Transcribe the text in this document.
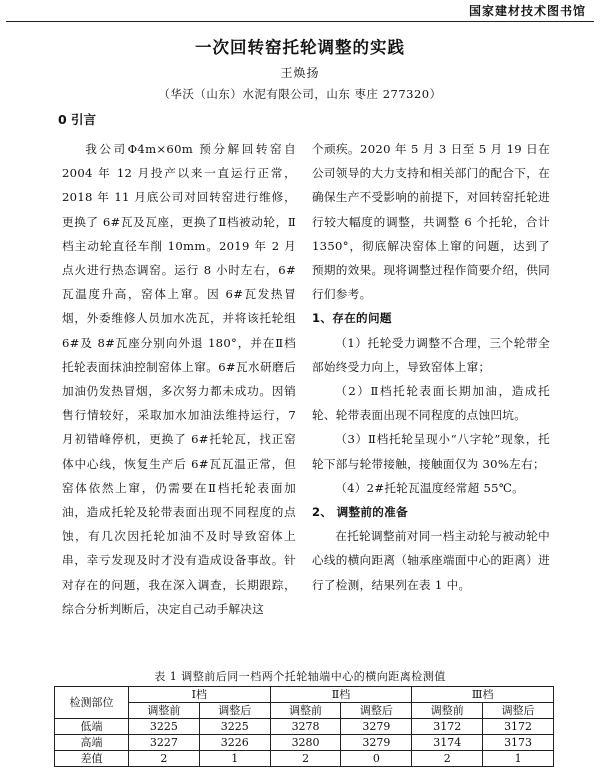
国家建材技术图书馆
一次回转窑托轮调整的实践
王焕扬
（华沃（山东）水泥有限公司，山东 枣庄 277320）
0 引言

我公司Φ4m×60m 预分解回转窑自2004 年 12 月投产以来一直运行正常，2018 年 11 月底公司对回转窑进行维修，更换了 6#瓦及瓦座，更换了Ⅱ档被动轮，Ⅱ档主动轮直径车削 10mm。2019 年 2 月点火进行热态调窑。运行 8 小时左右，6#瓦温度升高，窑体上窜。因 6#瓦发热冒烟，外委维修人员加水冼瓦，并将该托轮组 6#及 8#瓦座分别向外退 180°，并在Ⅱ档托轮表面抹油控制窑体上窜。6#瓦水研磨后加油仍发热冒烟，多次努力都未成功。因销售行情较好，采取加水加油法维持运行，7 月初错峰停机，更换了 6#托轮瓦，找正窑体中心线，恢复生产后 6#瓦瓦温正常，但窑体依然上窜，仍需要在Ⅱ档托轮表面加油，造成托轮及轮带表面出现不同程度的点蚀，有几次因托轮加油不及时导致窑体上串，幸亏发现及时才没有造成设备事故。针对存在的问题，我在深入调查，长期跟踪，综合分析判断后，决定自己动手解决这

个顽疾。2020 年 5 月 3 日至 5 月 19 日在公司领导的大力支持和相关部门的配合下，在确保生产不受影响的前提下，对回转窑托轮进行较大幅度的调整，共调整 6 个托轮，合计 1350°，彻底解决窑体上窜的问题，达到了预期的效果。现将调整过程作简要介绍，供同行们参考。

1、存在的问题

（1）托轮受力调整不合理，三个轮带全部始终受力向上，导致窑体上窜；

（2）Ⅱ档托轮表面长期加油，造成托轮、轮带表面出现不同程度的点蚀凹坑。

（3）Ⅱ档托轮呈现小“八字轮”现象，托轮下部与轮带接触，接触面仅为 30%左右；

（4）2#托轮瓦温度经常超 55℃。

2、 调整前的准备

在托轮调整前对同一档主动轮与被动轮中心线的横向距离（轴承座端面中心的距离）进行了检测，结果列在表 1 中。

表 1 调整前后同一档两个托轮轴端中心的横向距离检测值
检测部位	Ⅰ档		Ⅱ档		Ⅲ档	
	调整前	调整后	调整前	调整后	调整前	调整后
低端	3225	3225	3278	3279	3172	3172
高端	3227	3226	3280	3279	3174	3173
差值	2	1	2	0	2	1
